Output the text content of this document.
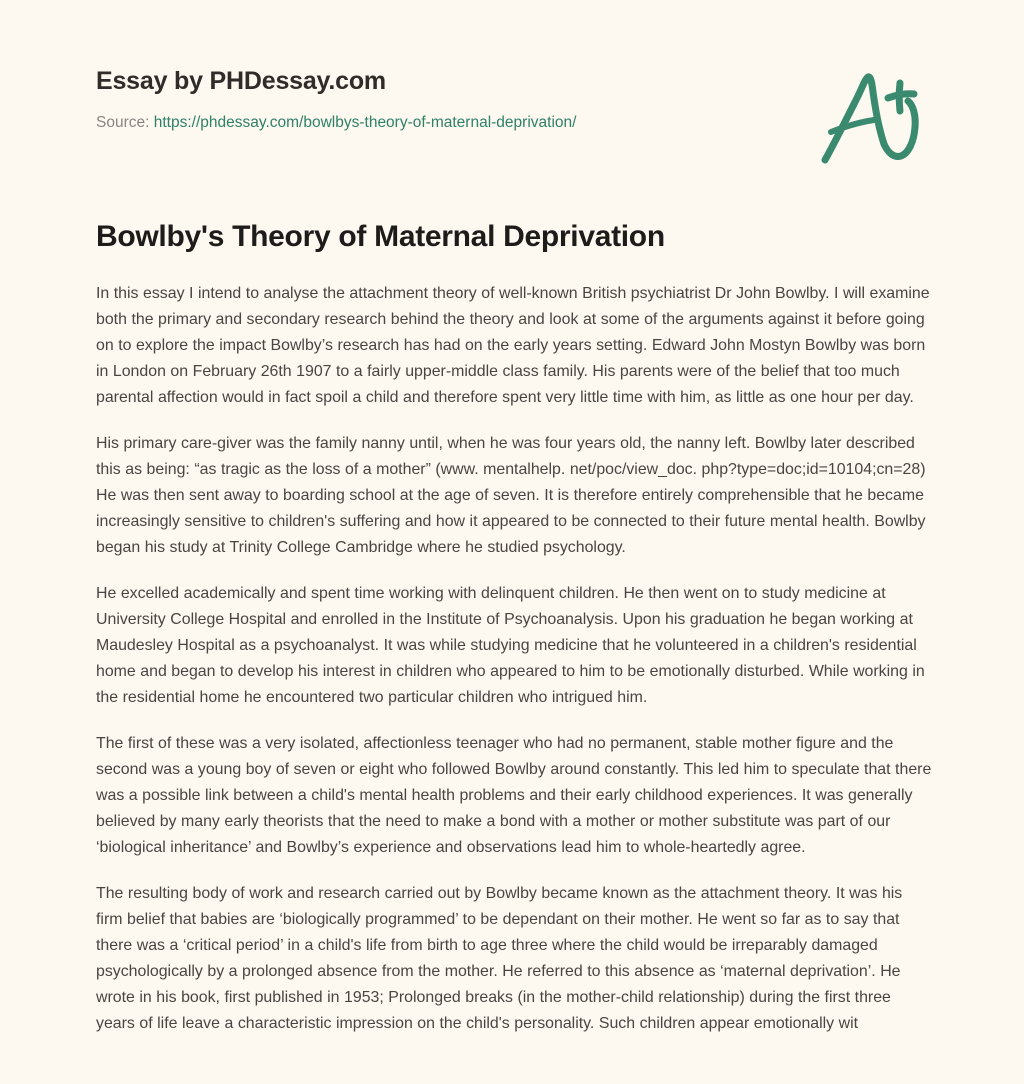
Essay by PHDessay.com
Source: https://phdessay.com/bowlbys-theory-of-maternal-deprivation/
Bowlby's Theory of Maternal Deprivation

In this essay I intend to analyse the attachment theory of well-known British psychiatrist Dr John Bowlby. I will examine both the primary and secondary research behind the theory and look at some of the arguments against it before going on to explore the impact Bowlby’s research has had on the early years setting. Edward John Mostyn Bowlby was born in London on February 26th 1907 to a fairly upper-middle class family. His parents were of the belief that too much parental affection would in fact spoil a child and therefore spent very little time with him, as little as one hour per day.

His primary care-giver was the family nanny until, when he was four years old, the nanny left. Bowlby later described this as being: “as tragic as the loss of a mother” (www. mentalhelp. net/poc/view_doc. php?type=doc;id=10104;cn=28) He was then sent away to boarding school at the age of seven. It is therefore entirely comprehensible that he became increasingly sensitive to children's suffering and how it appeared to be connected to their future mental health. Bowlby began his study at Trinity College Cambridge where he studied psychology.

He excelled academically and spent time working with delinquent children. He then went on to study medicine at University College Hospital and enrolled in the Institute of Psychoanalysis. Upon his graduation he began working at Maudesley Hospital as a psychoanalyst. It was while studying medicine that he volunteered in a children's residential home and began to develop his interest in children who appeared to him to be emotionally disturbed. While working in the residential home he encountered two particular children who intrigued him.

The first of these was a very isolated, affectionless teenager who had no permanent, stable mother figure and the second was a young boy of seven or eight who followed Bowlby around constantly. This led him to speculate that there was a possible link between a child's mental health problems and their early childhood experiences. It was generally believed by many early theorists that the need to make a bond with a mother or mother substitute was part of our ‘biological inheritance’ and Bowlby’s experience and observations lead him to whole-heartedly agree.

The resulting body of work and research carried out by Bowlby became known as the attachment theory. It was his firm belief that babies are ‘biologically programmed’ to be dependant on their mother. He went so far as to say that there was a ‘critical period’ in a child's life from birth to age three where the child would be irreparably damaged psychologically by a prolonged absence from the mother. He referred to this absence as ‘maternal deprivation’. He wrote in his book, first published in 1953; Prolonged breaks (in the mother-child relationship) during the first three years of life leave a characteristic impression on the child's personality. Such children appear emotionally wit
